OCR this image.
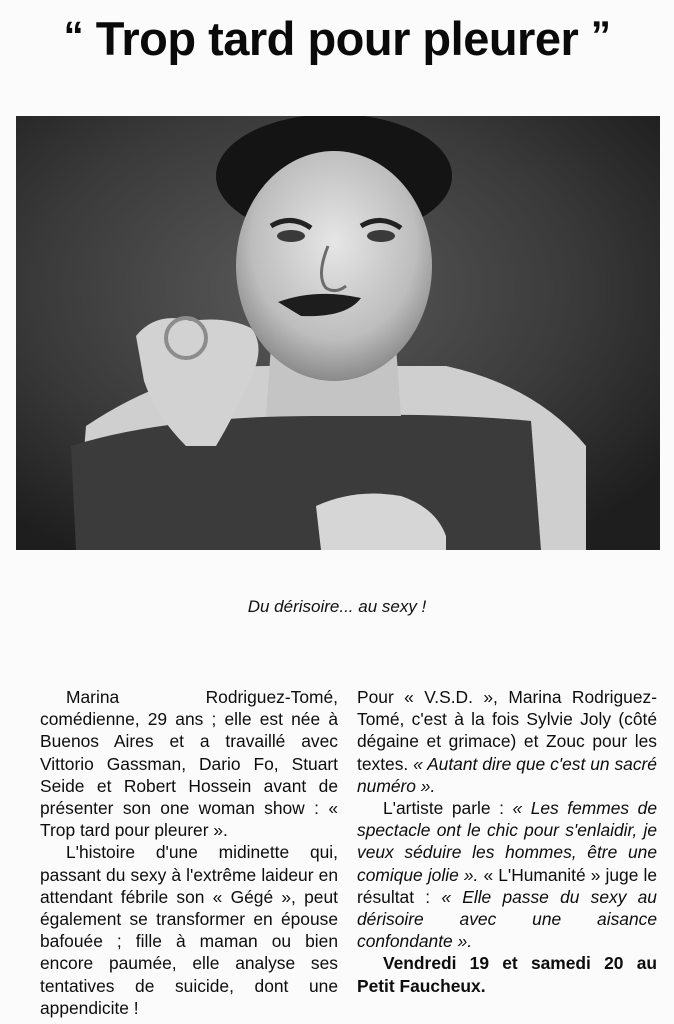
“ Trop tard pour pleurer ”
Du dérisoire... au sexy !

Marina Rodriguez-Tomé, comédienne, 29 ans ; elle est née à Buenos Aires et a travaillé avec Vittorio Gassman, Dario Fo, Stuart Seide et Robert Hossein avant de présenter son one woman show : « Trop tard pour pleurer ».

L'histoire d'une midinette qui, passant du sexy à l'extrême laideur en attendant fébrile son « Gégé », peut également se transformer en épouse bafouée ; fille à maman ou bien encore paumée, elle analyse ses tentatives de suicide, dont une appendicite !

Pour « V.S.D. », Marina Rodriguez-Tomé, c'est à la fois Sylvie Joly (côté dégaine et grimace) et Zouc pour les textes. « Autant dire que c'est un sacré numéro ».

L'artiste parle : « Les femmes de spectacle ont le chic pour s'enlaidir, je veux séduire les hommes, être une comique jolie ». « L'Humanité » juge le résultat : « Elle passe du sexy au dérisoire avec une aisance confondante ».

Vendredi 19 et samedi 20 au Petit Faucheux.
